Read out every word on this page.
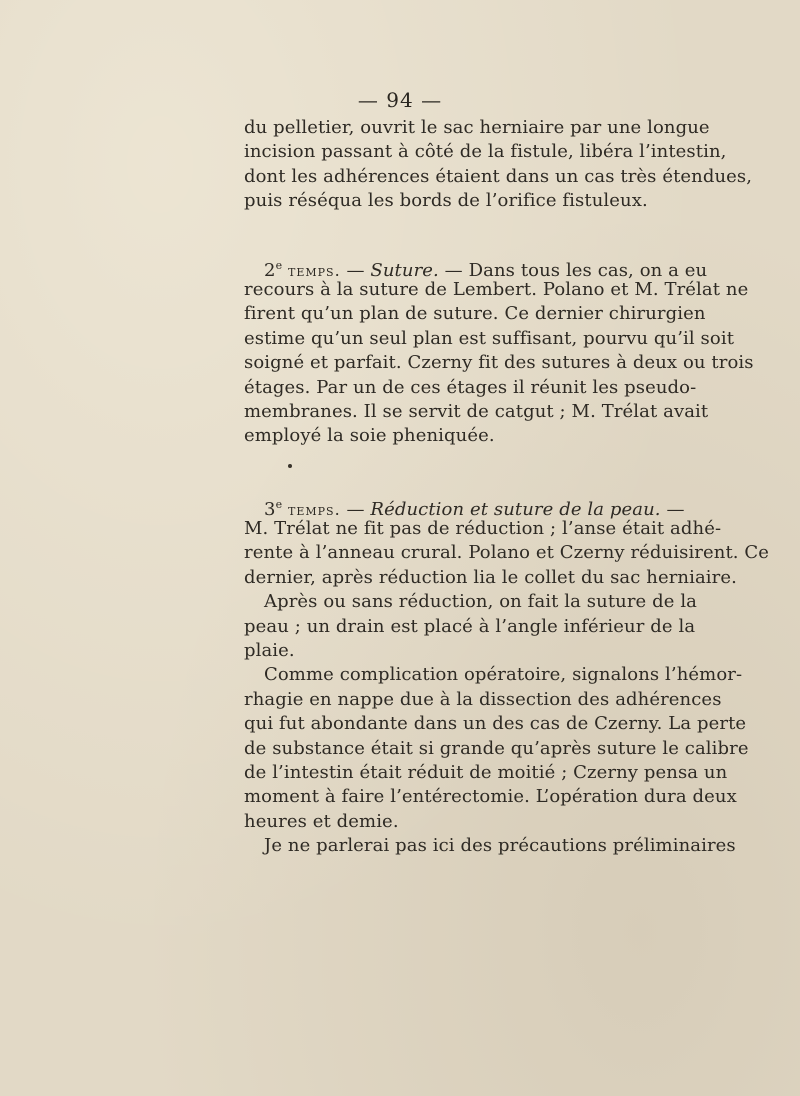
— 94 —
du pelletier, ouvrit le sac herniaire par une longue
incision passant à côté de la fistule, libéra l’intestin,
dont les adhérences étaient dans un cas très étendues,
puis réséqua les bords de l’orifice fistuleux.
2e temps. — Suture. — Dans tous les cas, on a eu
recours à la suture de Lembert. Polano et M. Trélat ne
firent qu’un plan de suture. Ce dernier chirurgien
estime qu’un seul plan est suffisant, pourvu qu’il soit
soigné et parfait. Czerny fit des sutures à deux ou trois
étages. Par un de ces étages il réunit les pseudo-
membranes. Il se servit de catgut ; M. Trélat avait
employé la soie pheniquée.
3e temps. — Réduction et suture de la peau. —
M. Trélat ne fit pas de réduction ; l’anse était adhé-
rente à l’anneau crural. Polano et Czerny réduisirent. Ce
dernier, après réduction lia le collet du sac herniaire.
Après ou sans réduction, on fait la suture de la
peau ; un drain est placé à l’angle inférieur de la
plaie.
Comme complication opératoire, signalons l’hémor-
rhagie en nappe due à la dissection des adhérences
qui fut abondante dans un des cas de Czerny. La perte
de substance était si grande qu’après suture le calibre
de l’intestin était réduit de moitié ; Czerny pensa un
moment à faire l’entérectomie. L’opération dura deux
heures et demie.
Je ne parlerai pas ici des précautions préliminaires
